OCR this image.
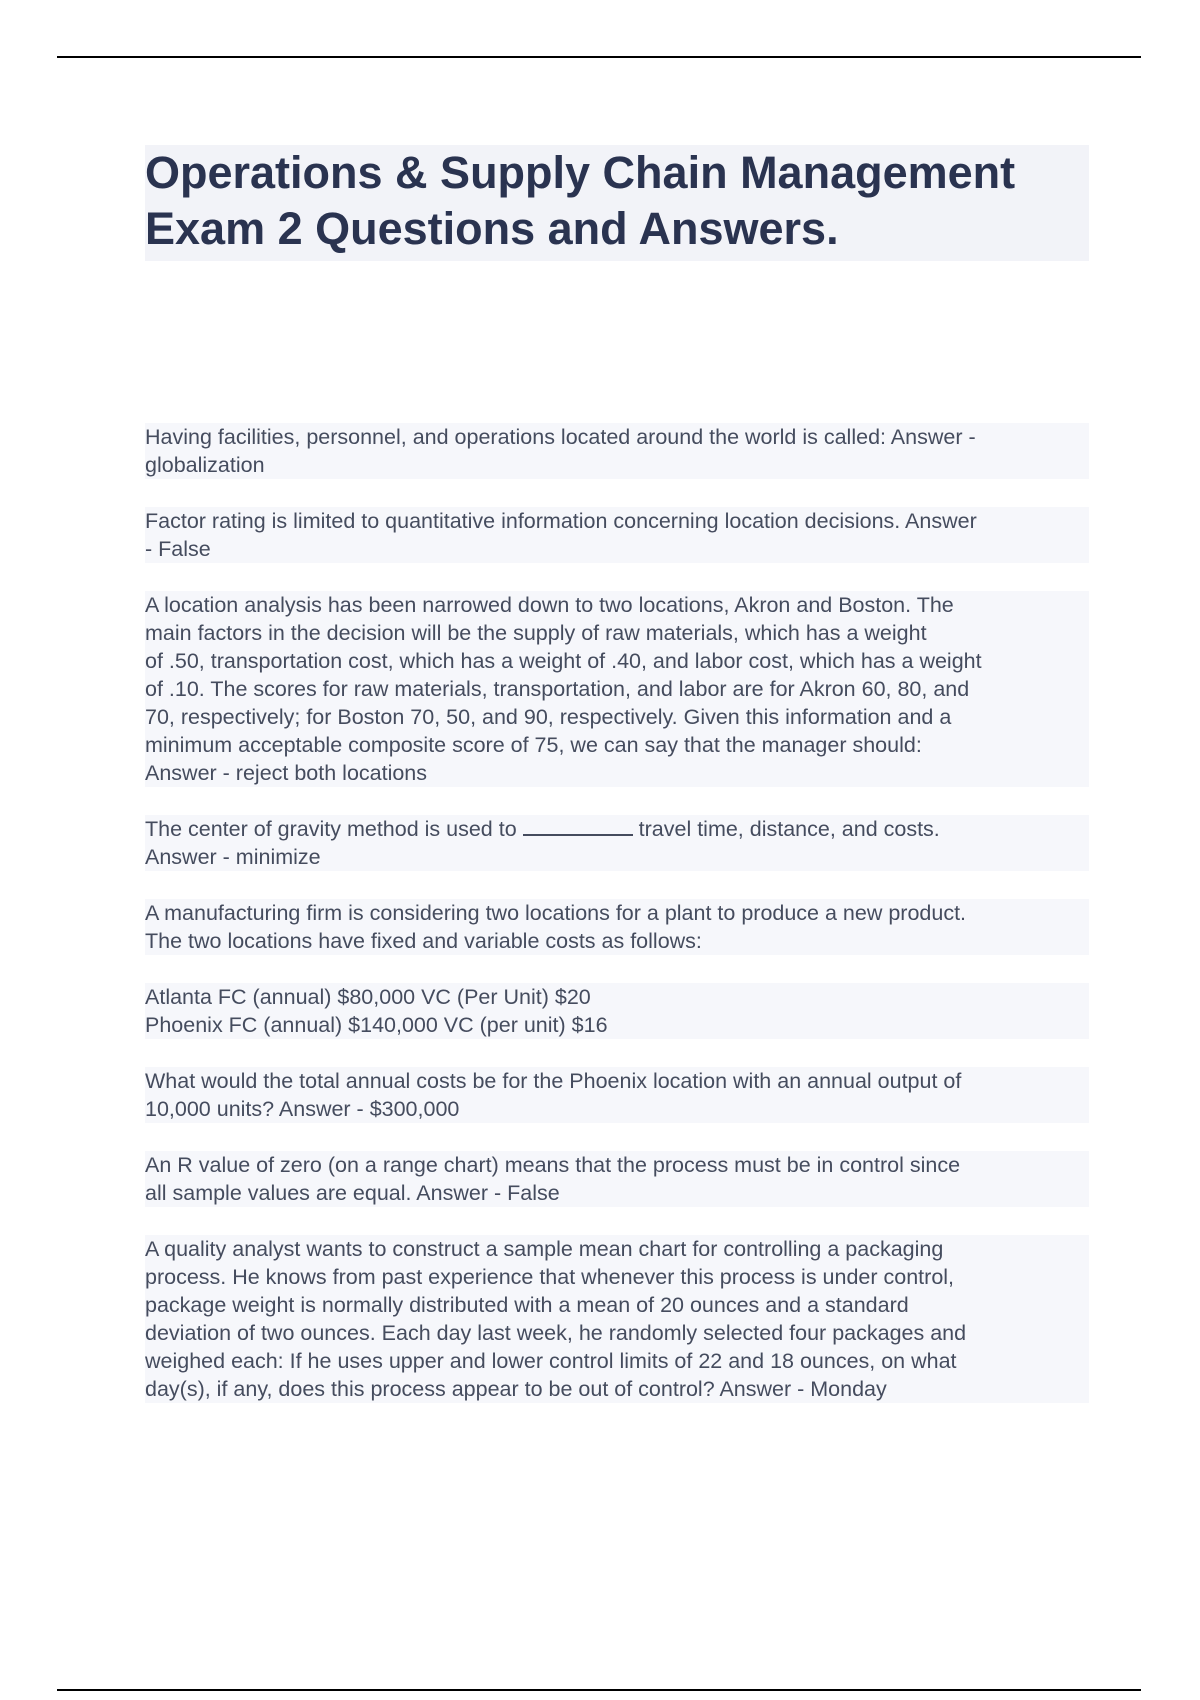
Operations & Supply Chain Management
Exam 2 Questions and Answers.
Having facilities, personnel, and operations located around the world is called: Answer -
globalization
Factor rating is limited to quantitative information concerning location decisions. Answer
- False
A location analysis has been narrowed down to two locations, Akron and Boston. The
main factors in the decision will be the supply of raw materials, which has a weight
of .50, transportation cost, which has a weight of .40, and labor cost, which has a weight
of .10. The scores for raw materials, transportation, and labor are for Akron 60, 80, and
70, respectively; for Boston 70, 50, and 90, respectively. Given this information and a
minimum acceptable composite score of 75, we can say that the manager should:
Answer - reject both locations
The center of gravity method is used to	travel time, distance, and costs.
Answer - minimize
A manufacturing firm is considering two locations for a plant to produce a new product.
The two locations have fixed and variable costs as follows:
Atlanta FC (annual) $80,000 VC (Per Unit) $20
Phoenix FC (annual) $140,000 VC (per unit) $16
What would the total annual costs be for the Phoenix location with an annual output of
10,000 units? Answer - $300,000
An R value of zero (on a range chart) means that the process must be in control since
all sample values are equal. Answer - False
A quality analyst wants to construct a sample mean chart for controlling a packaging
process. He knows from past experience that whenever this process is under control,
package weight is normally distributed with a mean of 20 ounces and a standard
deviation of two ounces. Each day last week, he randomly selected four packages and
weighed each: If he uses upper and lower control limits of 22 and 18 ounces, on what
day(s), if any, does this process appear to be out of control? Answer - Monday
